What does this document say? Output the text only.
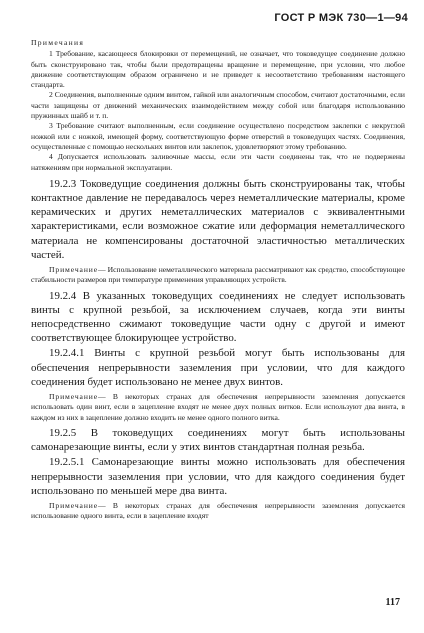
ГОСТ Р МЭК 730—1—94

Примечания

1 Требование, касающееся блокировки от перемещений, не означает, что токоведущее соединение должно быть сконструировано так, чтобы были предотвращены вращение и перемещение, при условии, что любое движение соответствующим образом ограничено и не приведет к несоответствию требованиям настоящего стандарта.

2 Соединения, выполненные одним винтом, гайкой или аналогичным способом, считают достаточными, если части защищены от движений механических взаимодействием между собой или благодаря использованию пружинных шайб и т. п.

3 Требование считают выполненным, если соединение осуществлено посредством заклепки с некруглой ножкой или с ножкой, имеющей форму, соответствующую форме отверстий в токоведущих частях. Соединения, осуществленные с помощью нескольких винтов или заклепок, удовлетворяют этому требованию.

4 Допускается использовать заливочные массы, если эти части соединены так, что не подвержены натяжениям при нормальной эксплуатации.

19.2.3 Токоведущие соединения должны быть сконструированы так, чтобы контактное давление не передавалось через неметаллические материалы, кроме керамических и других неметаллических материалов с эквивалентными характеристиками, если возможное сжатие или деформация неметаллического материала не компенсированы достаточной эластичностью металлических частей.

Примечание— Использование неметаллического материала рассматривают как средство, способствующее стабильности размеров при температуре применения управляющих устройств.

19.2.4 В указанных токоведущих соединениях не следует использовать винты с крупной резьбой, за исключением случаев, когда эти винты непосредственно сжимают токоведущие части одну с другой и имеют соответствующее блокирующее устройство.

19.2.4.1 Винты с крупной резьбой могут быть использованы для обеспечения непрерывности заземления при условии, что для каждого соединения будет использовано не менее двух винтов.

Примечание— В некоторых странах для обеспечения непрерывности заземления допускается использовать один винт, если в зацепление входят не менее двух полных витков. Если используют два винта, в каждом из них в зацепление должно входить не менее одного полного витка.

19.2.5 В токоведущих соединениях могут быть использованы самонарезающие винты, если у этих винтов стандартная полная резьба.

19.2.5.1 Самонарезающие винты можно использовать для обеспечения непрерывности заземления при условии, что для каждого соединения будет использовано по меньшей мере два винта.

Примечание— В некоторых странах для обеспечения непрерывности заземления допускается использование одного винта, если в зацепление входят

117
